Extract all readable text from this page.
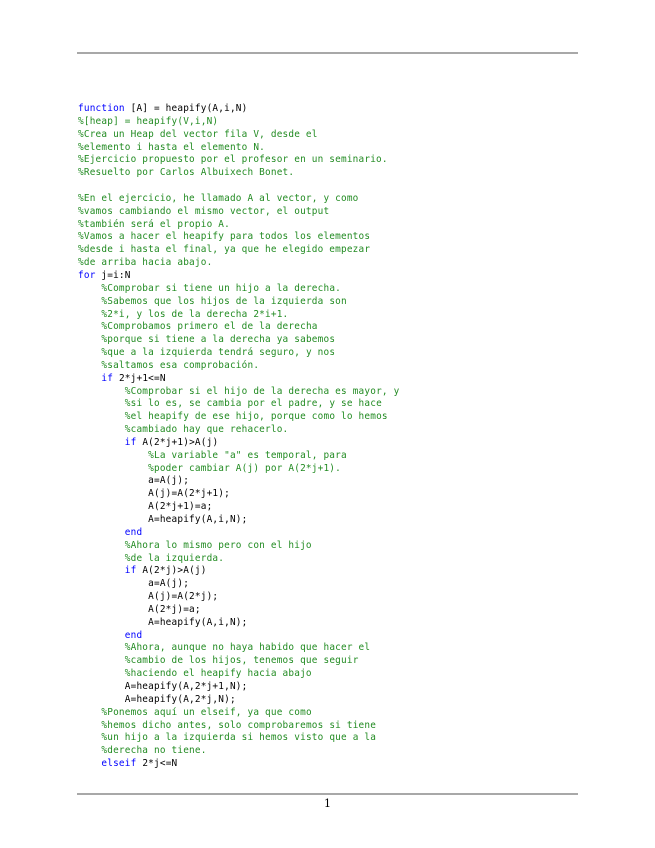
function [A] = heapify(A,i,N)
%[heap] = heapify(V,i,N)
%Crea un Heap del vector fila V, desde el
%elemento i hasta el elemento N.
%Ejercicio propuesto por el profesor en un seminario.
%Resuelto por Carlos Albuixech Bonet.

%En el ejercicio, he llamado A al vector, y como
%vamos cambiando el mismo vector, el output
%también será el propio A.
%Vamos a hacer el heapify para todos los elementos
%desde i hasta el final, ya que he elegido empezar
%de arriba hacia abajo.
for j=i:N
%Comprobar si tiene un hijo a la derecha.
%Sabemos que los hijos de la izquierda son
%2*i, y los de la derecha 2*i+1.
%Comprobamos primero el de la derecha
%porque si tiene a la derecha ya sabemos
%que a la izquierda tendrá seguro, y nos
%saltamos esa comprobación.
if 2*j+1<=N
%Comprobar si el hijo de la derecha es mayor, y
%si lo es, se cambia por el padre, y se hace
%el heapify de ese hijo, porque como lo hemos
%cambiado hay que rehacerlo.
if A(2*j+1)>A(j)
%La variable "a" es temporal, para
%poder cambiar A(j) por A(2*j+1).
a=A(j);
A(j)=A(2*j+1);
A(2*j+1)=a;
A=heapify(A,i,N);
end
%Ahora lo mismo pero con el hijo
%de la izquierda.
if A(2*j)>A(j)
a=A(j);
A(j)=A(2*j);
A(2*j)=a;
A=heapify(A,i,N);
end
%Ahora, aunque no haya habido que hacer el
%cambio de los hijos, tenemos que seguir
%haciendo el heapify hacia abajo
A=heapify(A,2*j+1,N);
A=heapify(A,2*j,N);
%Ponemos aquí un elseif, ya que como
%hemos dicho antes, solo comprobaremos si tiene
%un hijo a la izquierda si hemos visto que a la
%derecha no tiene.
elseif 2*j<=N
1
